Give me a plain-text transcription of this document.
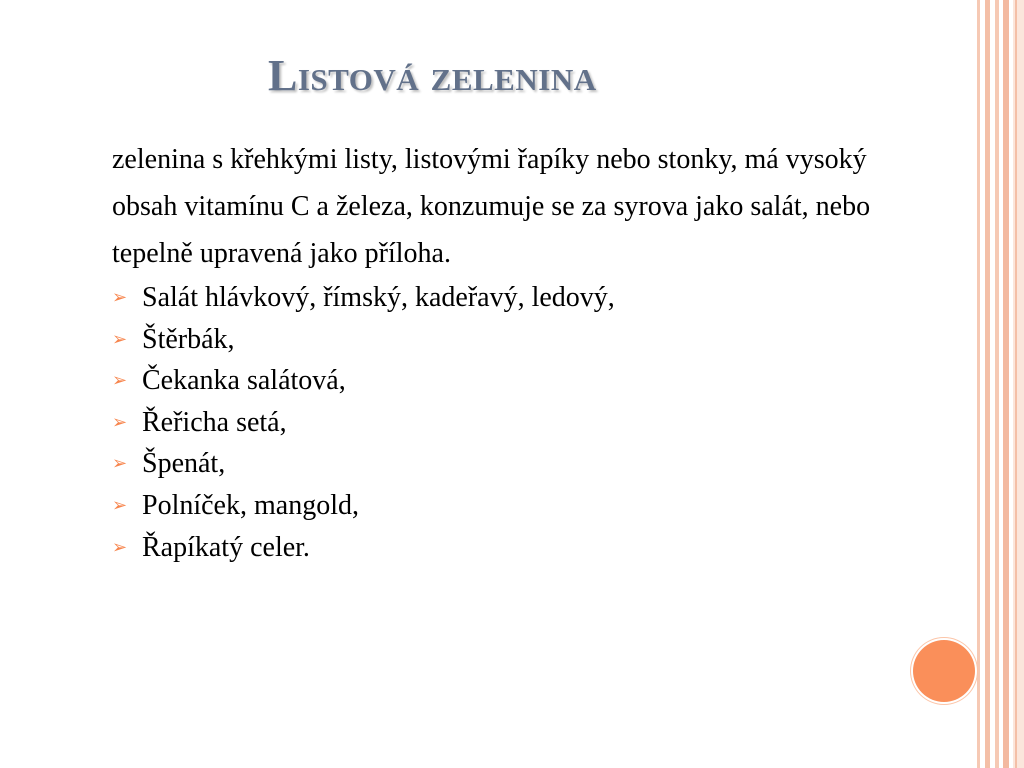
Listová zelenina

zelenina s křehkými listy, listovými řapíky nebo stonky, má vysoký obsah vitamínu C a železa, konzumuje se za syrova jako salát, nebo tepelně upravená jako příloha.

➢ Salát hlávkový, římský, kadeřavý, ledový,
➢ Štěrbák,
➢ Čekanka salátová,
➢ Řeřicha setá,
➢ Špenát,
➢ Polníček, mangold,
➢ Řapíkatý celer.
